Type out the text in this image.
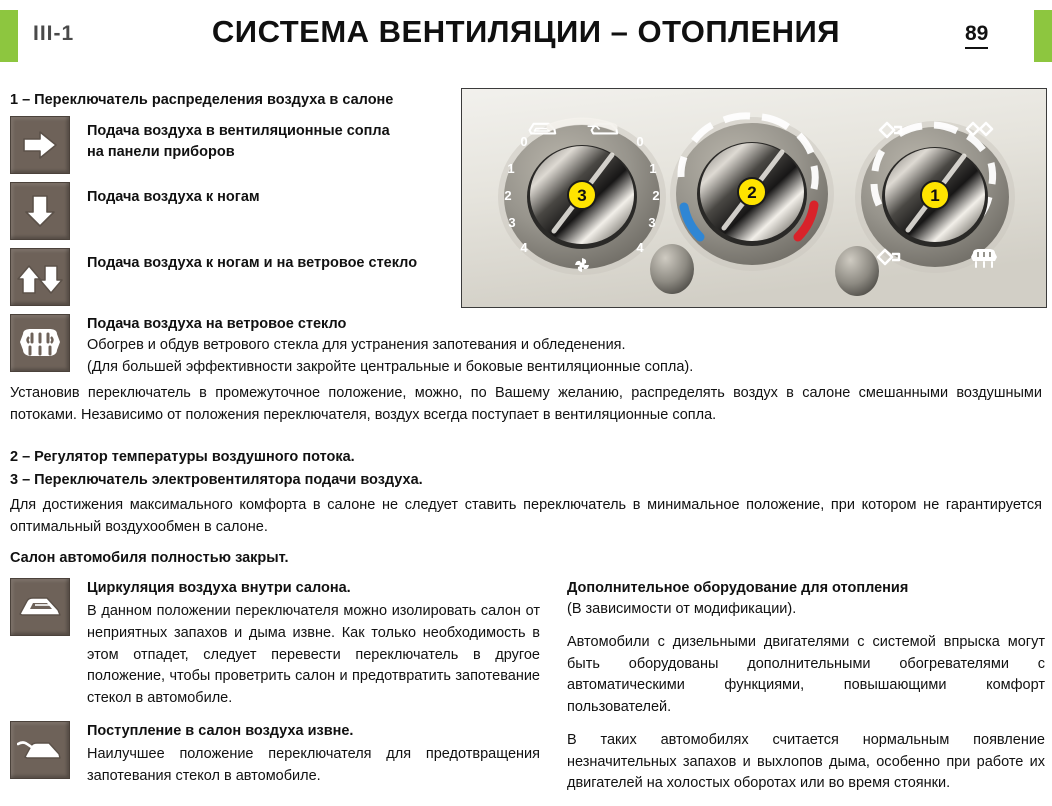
III-1	СИСТЕМА ВЕНТИЛЯЦИИ – ОТОПЛЕНИЯ	89
1 – Переключатель распределения воздуха в салоне
Подача воздуха в вентиляционные сопла
на панели приборов
Подача воздуха к ногам
Подача воздуха к ногам и на ветровое стекло
Подача воздуха на ветровое стекло
Обогрев и обдув ветрового стекла для устранения запотевания и обледенения.
(Для большей эффективности закройте центральные и боковые вентиляционные сопла).
0
1
2
3
4
0
1
2
3
4
3	2	1
Установив переключатель в промежуточное положение, можно, по Вашему желанию, распределять воздух в салоне смешанными воздушными потоками. Независимо от положения переключателя, воздух всегда поступает в вентиляционные сопла.
2 – Регулятор температуры воздушного потока.
3 – Переключатель электровентилятора подачи воздуха.
Для достижения максимального комфорта в салоне не следует ставить переключатель в минимальное положение, при котором не гарантируется оптимальный воздухообмен в салоне.
Салон автомобиля полностью закрыт.
Циркуляция воздуха внутри салона.
В данном положении переключателя можно изолировать салон от неприятных запахов и дыма извне. Как только необходимость в этом отпадет, следует перевести переключатель в другое положение, чтобы проветрить салон и предотвратить запотевание стекол в автомобиле.
Поступление в салон воздуха извне.
Наилучшее положение переключателя для предотвращения запотевания стекол в автомобиле.
Дополнительное оборудование для отопления
(В зависимости от модификации).
Автомобили с дизельными двигателями с системой впрыска могут быть оборудованы дополнительными обогревателями с автоматическими функциями, повышающими комфорт пользователей.
В таких автомобилях считается нормальным появление незначительных запахов и выхлопов дыма, особенно при работе их двигателей на холостых оборотах или во время стоянки.
